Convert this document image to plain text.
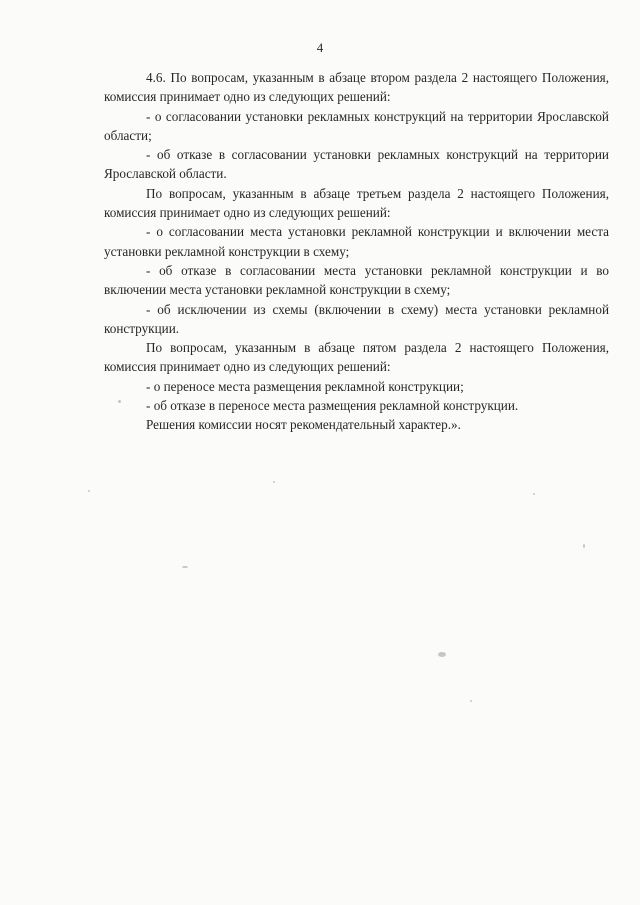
4

4.6. По вопросам, указанным в абзаце втором раздела 2 настоящего Положения, комиссия принимает одно из следующих решений:

- о согласовании установки рекламных конструкций на территории Ярославской области;

- об отказе в согласовании установки рекламных конструкций на территории Ярославской области.

По вопросам, указанным в абзаце третьем раздела 2 настоящего Положения, комиссия принимает одно из следующих решений:

- о согласовании места установки рекламной конструкции и включении места установки рекламной конструкции в схему;

- об отказе в согласовании места установки рекламной конструкции и во включении места установки рекламной конструкции в схему;

- об исключении из схемы (включении в схему) места установки рекламной конструкции.

По вопросам, указанным в абзаце пятом раздела 2 настоящего Положения, комиссия принимает одно из следующих решений:

- о переносе места размещения рекламной конструкции;

- об отказе в переносе места размещения рекламной конструкции.

Решения комиссии носят рекомендательный характер.».
